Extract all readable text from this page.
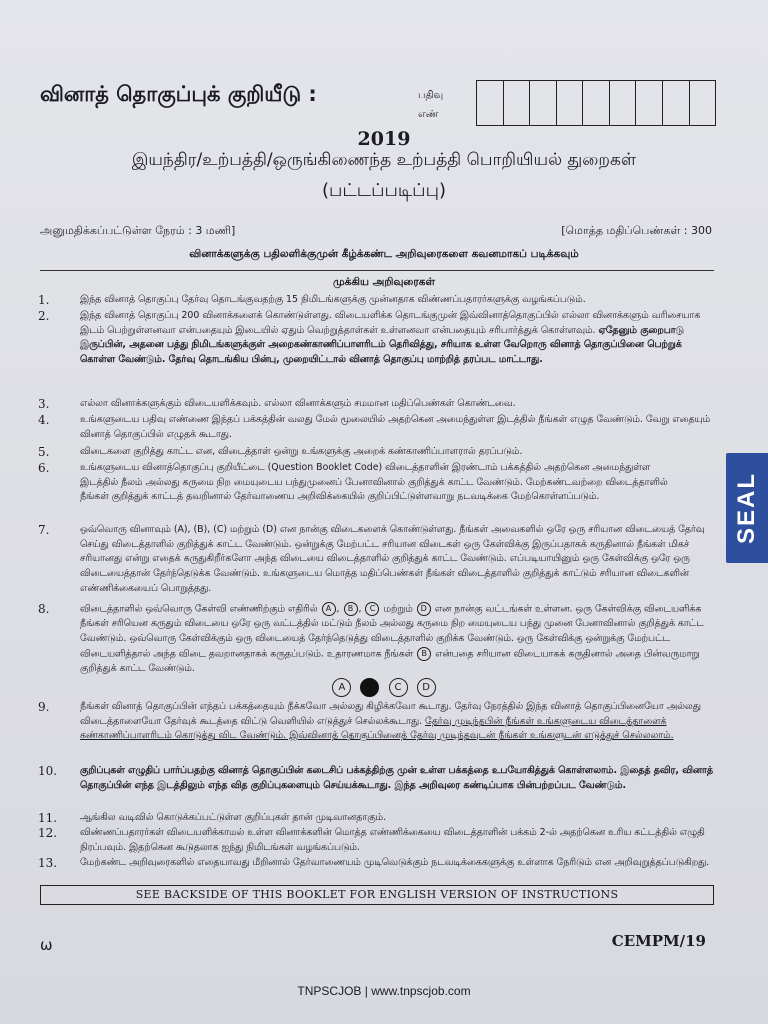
வினாத் தொகுப்புக் குறியீடு :	பதிவு
எண்
2019
இயந்திர/உற்பத்தி/ஒருங்கிணைந்த உற்பத்தி பொறியியல் துறைகள்
(பட்டப்படிப்பு)
அனுமதிக்கப்பட்டுள்ள நேரம் : 3 மணி]	[மொத்த மதிப்பெண்கள் : 300
வினாக்களுக்கு பதிலளிக்குமுன் கீழ்க்கண்ட அறிவுரைகளை கவனமாகப் படிக்கவும்
முக்கிய அறிவுரைகள்
1.	இந்த வினாத் தொகுப்பு தேர்வு தொடங்குவதற்கு 15 நிமிடங்களுக்கு முன்னதாக விண்ணப்பதாரர்களுக்கு வழங்கப்படும்.
2.	இந்த வினாத் தொகுப்பு 200 வினாக்களைக் கொண்டுள்ளது. விடையளிக்க தொடங்குமுன் இவ்வினாத்தொகுப்பில் எல்லா வினாக்களும் வரிசையாக இடம் பெற்றுள்ளனவா என்பதையும் இடையில் ஏதும் வெற்றுத்தாள்கள் உள்ளனவா என்பதையும் சரிபார்த்துக் கொள்ளவும். ஏதேனும் குறைபாடு இருப்பின், அதனை பத்து நிமிடங்களுக்குள் அறைகண்காணிப்பாளரிடம் தெரிவித்து, சரியாக உள்ள வேறொரு வினாத் தொகுப்பினை பெற்றுக் கொள்ள வேண்டும். தேர்வு தொடங்கிய பின்பு, முறையிட்டால் வினாத் தொகுப்பு மாற்றித் தரப்பட மாட்டாது.
3.	எல்லா வினாக்களுக்கும் விடையளிக்கவும். எல்லா வினாக்களும் சமமான மதிப்பெண்கள் கொண்டவை.
4.	உங்களுடைய பதிவு எண்ணை இந்தப் பக்கத்தின் வலது மேல் மூலையில் அதற்கென அமைந்துள்ள இடத்தில் நீங்கள் எழுத வேண்டும். வேறு எதையும் வினாத் தொகுப்பில் எழுதக் கூடாது.
5.	விடைகளை குறித்து காட்ட என, விடைத்தாள் ஒன்று உங்களுக்கு அறைக் கண்காணிப்பாளரால் தரப்படும்.
6.	உங்களுடைய வினாத்தொகுப்பு குறியீட்டை (Question Booklet Code) விடைத்தாளின் இரண்டாம் பக்கத்தில் அதற்கென அமைந்துள்ள இடத்தில் நீலம் அல்லது கருமை நிற மையுடைய பந்துமுனைப் பேனாவினால் குறித்துக் காட்ட வேண்டும். மேற்கண்டவற்றை விடைத்தாளில் நீங்கள் குறித்துக் காட்டத் தவறினால் தேர்வாணைய அறிவிக்கையில் குறிப்பிட்டுள்ளவாறு நடவடிக்கை மேற்கொள்ளப்படும்.
7.	ஒவ்வொரு வினாவும் (A), (B), (C) மற்றும் (D) என நான்கு விடைகளைக் கொண்டுள்ளது. நீங்கள் அவைகளில் ஒரே ஒரு சரியான விடையைத் தேர்வு செய்து விடைத்தாளில் குறித்துக் காட்ட வேண்டும். ஒன்றுக்கு மேற்பட்ட சரியான விடைகள் ஒரு கேள்விக்கு இருப்பதாகக் கருதினால் நீங்கள் மிகச் சரியானது என்று எதைக் கருதுகிறீர்களோ அந்த விடையை விடைத்தாளில் குறித்துக் காட்ட வேண்டும். எப்படியாயினும் ஒரு கேள்விக்கு ஒரே ஒரு விடையைத்தான் தேர்ந்தெடுக்க வேண்டும். உங்களுடைய மொத்த மதிப்பெண்கள் நீங்கள் விடைத்தாளில் குறித்துக் காட்டும் சரியான விடைகளின் எண்ணிக்கையைப் பொறுத்தது.
8.	விடைத்தாளில் ஒவ்வொரு கேள்வி எண்ணிற்கும் எதிரில் A , B , C மற்றும் D என நான்கு வட்டங்கள் உள்ளன. ஒரு கேள்விக்கு விடையளிக்க நீங்கள் சரியென கருதும் விடையை ஒரே ஒரு வட்டத்தில் மட்டும் நீலம் அல்லது கருமை நிற மையுடைய பந்து முனை பேனாவினால் குறித்துக் காட்ட வேண்டும். ஒவ்வொரு கேள்விக்கும் ஒரு விடையைத் தேர்ந்தெடுத்து விடைத்தாளில் குறிக்க வேண்டும். ஒரு கேள்விக்கு ஒன்றுக்கு மேற்பட்ட விடையளித்தால் அந்த விடை தவறானதாகக் கருதப்படும். உதாரணமாக நீங்கள் B என்பதை சரியான விடையாகக் கருதினால் அதை பின்வருமாறு குறித்துக் காட்ட வேண்டும்.
A	C D
9.	நீங்கள் வினாத் தொகுப்பின் எந்தப் பக்கத்தையும் நீக்கவோ அல்லது கிழிக்கவோ கூடாது. தேர்வு நேரத்தில் இந்த வினாத் தொகுப்பினையோ அல்லது விடைத்தாளையோ தேர்வுக் கூடத்தை விட்டு வெளியில் எடுத்துச் செல்லக்கூடாது. தேர்வு முடிந்தபின் நீங்கள் உங்களுடைய விடைத்தாளைக் கண்காணிப்பாளரிடம் கொடுத்து விட வேண்டும். இவ்வினாத் தொகுப்பினைத் தேர்வு முடிந்தவுடன் நீங்கள் உங்களுடன் எடுத்துச் செல்லலாம்.
10.	குறிப்புகள் எழுதிப் பார்ப்பதற்கு வினாத் தொகுப்பின் கடைசிப் பக்கத்திற்கு முன் உள்ள பக்கத்தை உபயோகித்துக் கொள்ளலாம். இதைத் தவிர, வினாத் தொகுப்பின் எந்த இடத்திலும் எந்த வித குறிப்புகளையும் செய்யக்கூடாது. இந்த அறிவுரை கண்டிப்பாக பின்பற்றப்பட வேண்டும்.
11.	ஆங்கில வடிவில் கொடுக்கப்பட்டுள்ள குறிப்புகள் தான் முடிவானதாகும்.
12.	விண்ணப்பதாரர்கள் விடையளிக்காமல் உள்ள வினாக்களின் மொத்த எண்ணிக்கையை விடைத்தாளின் பக்கம் 2-ல் அதற்கென உரிய கட்டத்தில் எழுதி நிரப்பவும். இதற்கென கூடுதலாக ஐந்து நிமிடங்கள் வழங்கப்படும்.
13.	மேற்கண்ட அறிவுரைகளில் எதையாவது மீறினால் தேர்வாணையம் முடிவெடுக்கும் நடவடிக்கைகளுக்கு உள்ளாக நேரிடும் என அறிவுறுத்தப்படுகிறது.
SEE BACKSIDE OF THIS BOOKLET FOR ENGLISH VERSION OF INSTRUCTIONS
ω	CEMPM/19
TNPSCJOB | www.tnpscjob.com
SEAL
